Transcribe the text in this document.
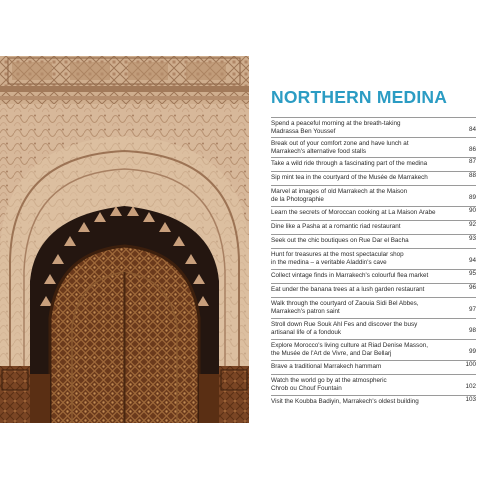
NORTHERN MEDINA
Spend a peaceful morning at the breath-taking
Madrassa Ben Youssef	84
Break out of your comfort zone and have lunch at
Marrakech's alternative food stalls	86
Take a wild ride through a fascinating part of the medina	87
Sip mint tea in the courtyard of the Musée de Marrakech	88
Marvel at images of old Marrakech at the Maison
de la Photographie	89
Learn the secrets of Moroccan cooking at La Maison Arabe	90
Dine like a Pasha at a romantic riad restaurant	92
Seek out the chic boutiques on Rue Dar el Bacha	93
Hunt for treasures at the most spectacular shop
in the medina – a veritable Aladdin's cave	94
Collect vintage finds in Marrakech's colourful flea market	95
Eat under the banana trees at a lush garden restaurant	96
Walk through the courtyard of Zaouia Sidi Bel Abbes,
Marrakech's patron saint	97
Stroll down Rue Souk Ahl Fes and discover the busy
artisanal life of a fondouk	98
Explore Morocco's living culture at Riad Denise Masson,
the Musée de l'Art de Vivre, and Dar Bellarj	99
Brave a traditional Marrakech hammam	100
Watch the world go by at the atmospheric
Chrob ou Chouf Fountain	102
Visit the Koubba Badiyin, Marrakech's oldest building	103
